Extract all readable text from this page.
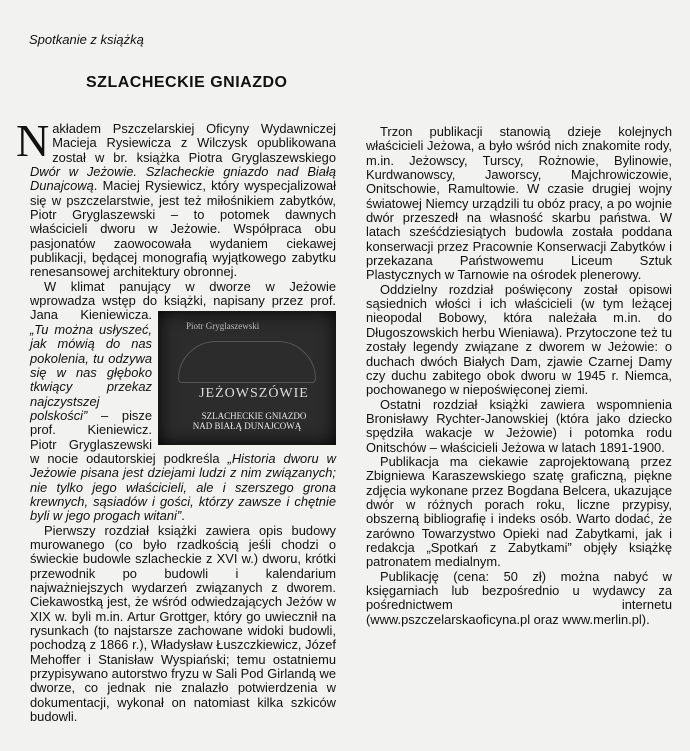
Spotkanie z książką
SZLACHECKIE GNIAZDO

Nakładem Pszczelarskiej Oficyny Wydawniczej Macieja Rysiewicza z Wilczysk opublikowana został w br. książka Piotra Gryglaszewskiego Dwór w Jeżowie. Szlacheckie gniazdo nad Białą Dunajcową. Maciej Rysiewicz, który wyspecjalizował się w pszczelarstwie, jest też miłośnikiem zabytków, Piotr Gryglaszewski – to potomek dawnych właścicieli dworu w Jeżowie. Współpraca obu pasjonatów zaowocowała wydaniem ciekawej publikacji, będącej monografią wyjątkowego zabytku renesansowej architektury obronnej.

W klimat panujący w dworze w Jeżowie wprowadza wstęp do książki, napisany przez prof. Jana Kieniewicza.
Piotr Gryglaszewski
JEŻOWSZÓWIE
SZLACHECKIE GNIAZDO
NAD BIAŁĄ DUNAJCOWĄ
„Tu można usłyszeć, jak mówią do nas pokolenia, tu odzywa się w nas głęboko tkwiący przekaz najczystszej polskości” – pisze prof. Kieniewicz. Piotr Gryglaszewski w nocie odautorskiej podkreśla „Historia dworu w Jeżowie pisana jest dziejami ludzi z nim związanych; nie tylko jego właścicieli, ale i szerszego grona krewnych, sąsiadów i gości, którzy zawsze i chętnie byli w jego progach witani”.

Pierwszy rozdział książki zawiera opis budowy murowanego (co było rzadkością jeśli chodzi o świeckie budowle szlacheckie z XVI w.) dworu, krótki przewodnik po budowli i kalendarium najważniejszych wydarzeń związanych z dworem. Ciekawostką jest, że wśród odwiedzających Jeżów w XIX w. byli m.in. Artur Grottger, który go uwiecznił na rysunkach (to najstarsze zachowane widoki budowli, pochodzą z 1866 r.), Władysław Łuszczkiewicz, Józef Mehoffer i Stanisław Wyspiański; temu ostatniemu przypisywano autorstwo fryzu w Sali Pod Girlandą we dworze, co jednak nie znalazło potwierdzenia w dokumentacji, wykonał on natomiast kilka szkiców budowli.

Trzon publikacji stanowią dzieje kolejnych właścicieli Jeżowa, a było wśród nich znakomite rody, m.in. Jeżowscy, Turscy, Rożnowie, Bylinowie, Kurdwanowscy, Jaworscy, Majchrowiczowie, Onitschowie, Ramultowie. W czasie drugiej wojny światowej Niemcy urządzili tu obóz pracy, a po wojnie dwór przeszedł na własność skarbu państwa. W latach sześćdziesiątych budowla została poddana konserwacji przez Pracownie Konserwacji Zabytków i przekazana Państwowemu Liceum Sztuk Plastycznych w Tarnowie na ośrodek plenerowy.

Oddzielny rozdział poświęcony został opisowi sąsiednich włości i ich właścicieli (w tym leżącej nieopodal Bobowy, która należała m.in. do Długoszowskich herbu Wieniawa). Przytoczone też tu zostały legendy związane z dworem w Jeżowie: o duchach dwóch Białych Dam, zjawie Czarnej Damy czy duchu zabitego obok dworu w 1945 r. Niemca, pochowanego w niepoświęconej ziemi.

Ostatni rozdział książki zawiera wspomnienia Bronisławy Rychter-Janowskiej (która jako dziecko spędziła wakacje w Jeżowie) i potomka rodu Onitschów – właścicieli Jeżowa w latach 1891-1900.

Publikacja ma ciekawie zaprojektowaną przez Zbigniewa Karaszewskiego szatę graficzną, piękne zdjęcia wykonane przez Bogdana Belcera, ukazujące dwór w różnych porach roku, liczne przypisy, obszerną bibliografię i indeks osób. Warto dodać, że zarówno Towarzystwo Opieki nad Zabytkami, jak i redakcja „Spotkań z Zabytkami” objęły książkę patronatem medialnym.

Publikację (cena: 50 zł) można nabyć w księgarniach lub bezpośrednio u wydawcy za pośrednictwem internetu (www.pszczelarskaoficyna.pl oraz www.merlin.pl).
